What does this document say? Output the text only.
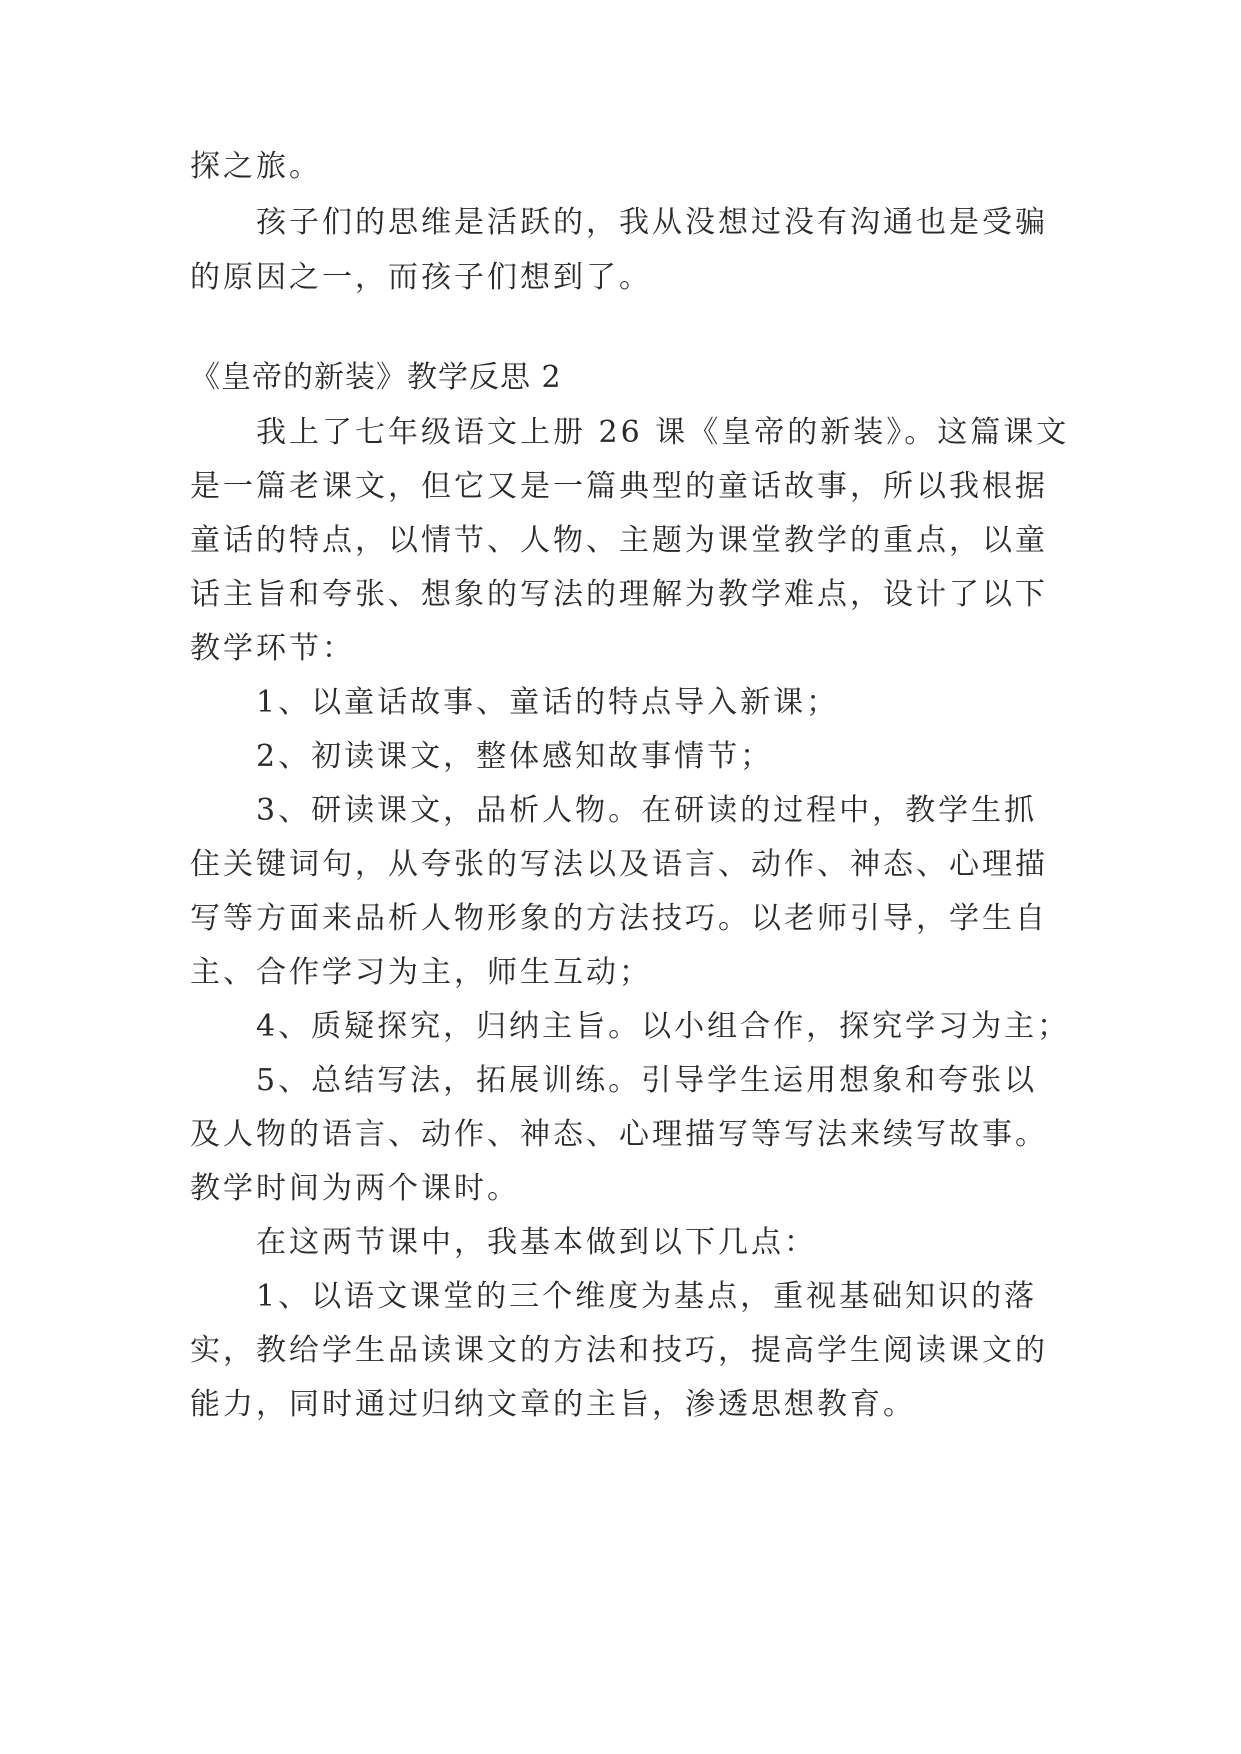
探之旅。
孩子们的思维是活跃的，我从没想过没有沟通也是受骗
的原因之一，而孩子们想到了。
《皇帝的新装》教学反思 2
我上了七年级语文上册 26 课《皇帝的新装》。这篇课文
是一篇老课文，但它又是一篇典型的童话故事，所以我根据
童话的特点，以情节、人物、主题为课堂教学的重点，以童
话主旨和夸张、想象的写法的理解为教学难点，设计了以下
教学环节：
1、以童话故事、童话的特点导入新课；
2、初读课文，整体感知故事情节；
3、研读课文，品析人物。在研读的过程中，教学生抓
住关键词句，从夸张的写法以及语言、动作、神态、心理描
写等方面来品析人物形象的方法技巧。以老师引导，学生自
主、合作学习为主，师生互动；
4、质疑探究，归纳主旨。以小组合作，探究学习为主；
5、总结写法，拓展训练。引导学生运用想象和夸张以
及人物的语言、动作、神态、心理描写等写法来续写故事。
教学时间为两个课时。
在这两节课中，我基本做到以下几点：
1、以语文课堂的三个维度为基点，重视基础知识的落
实，教给学生品读课文的方法和技巧，提高学生阅读课文的
能力，同时通过归纳文章的主旨，渗透思想教育。
